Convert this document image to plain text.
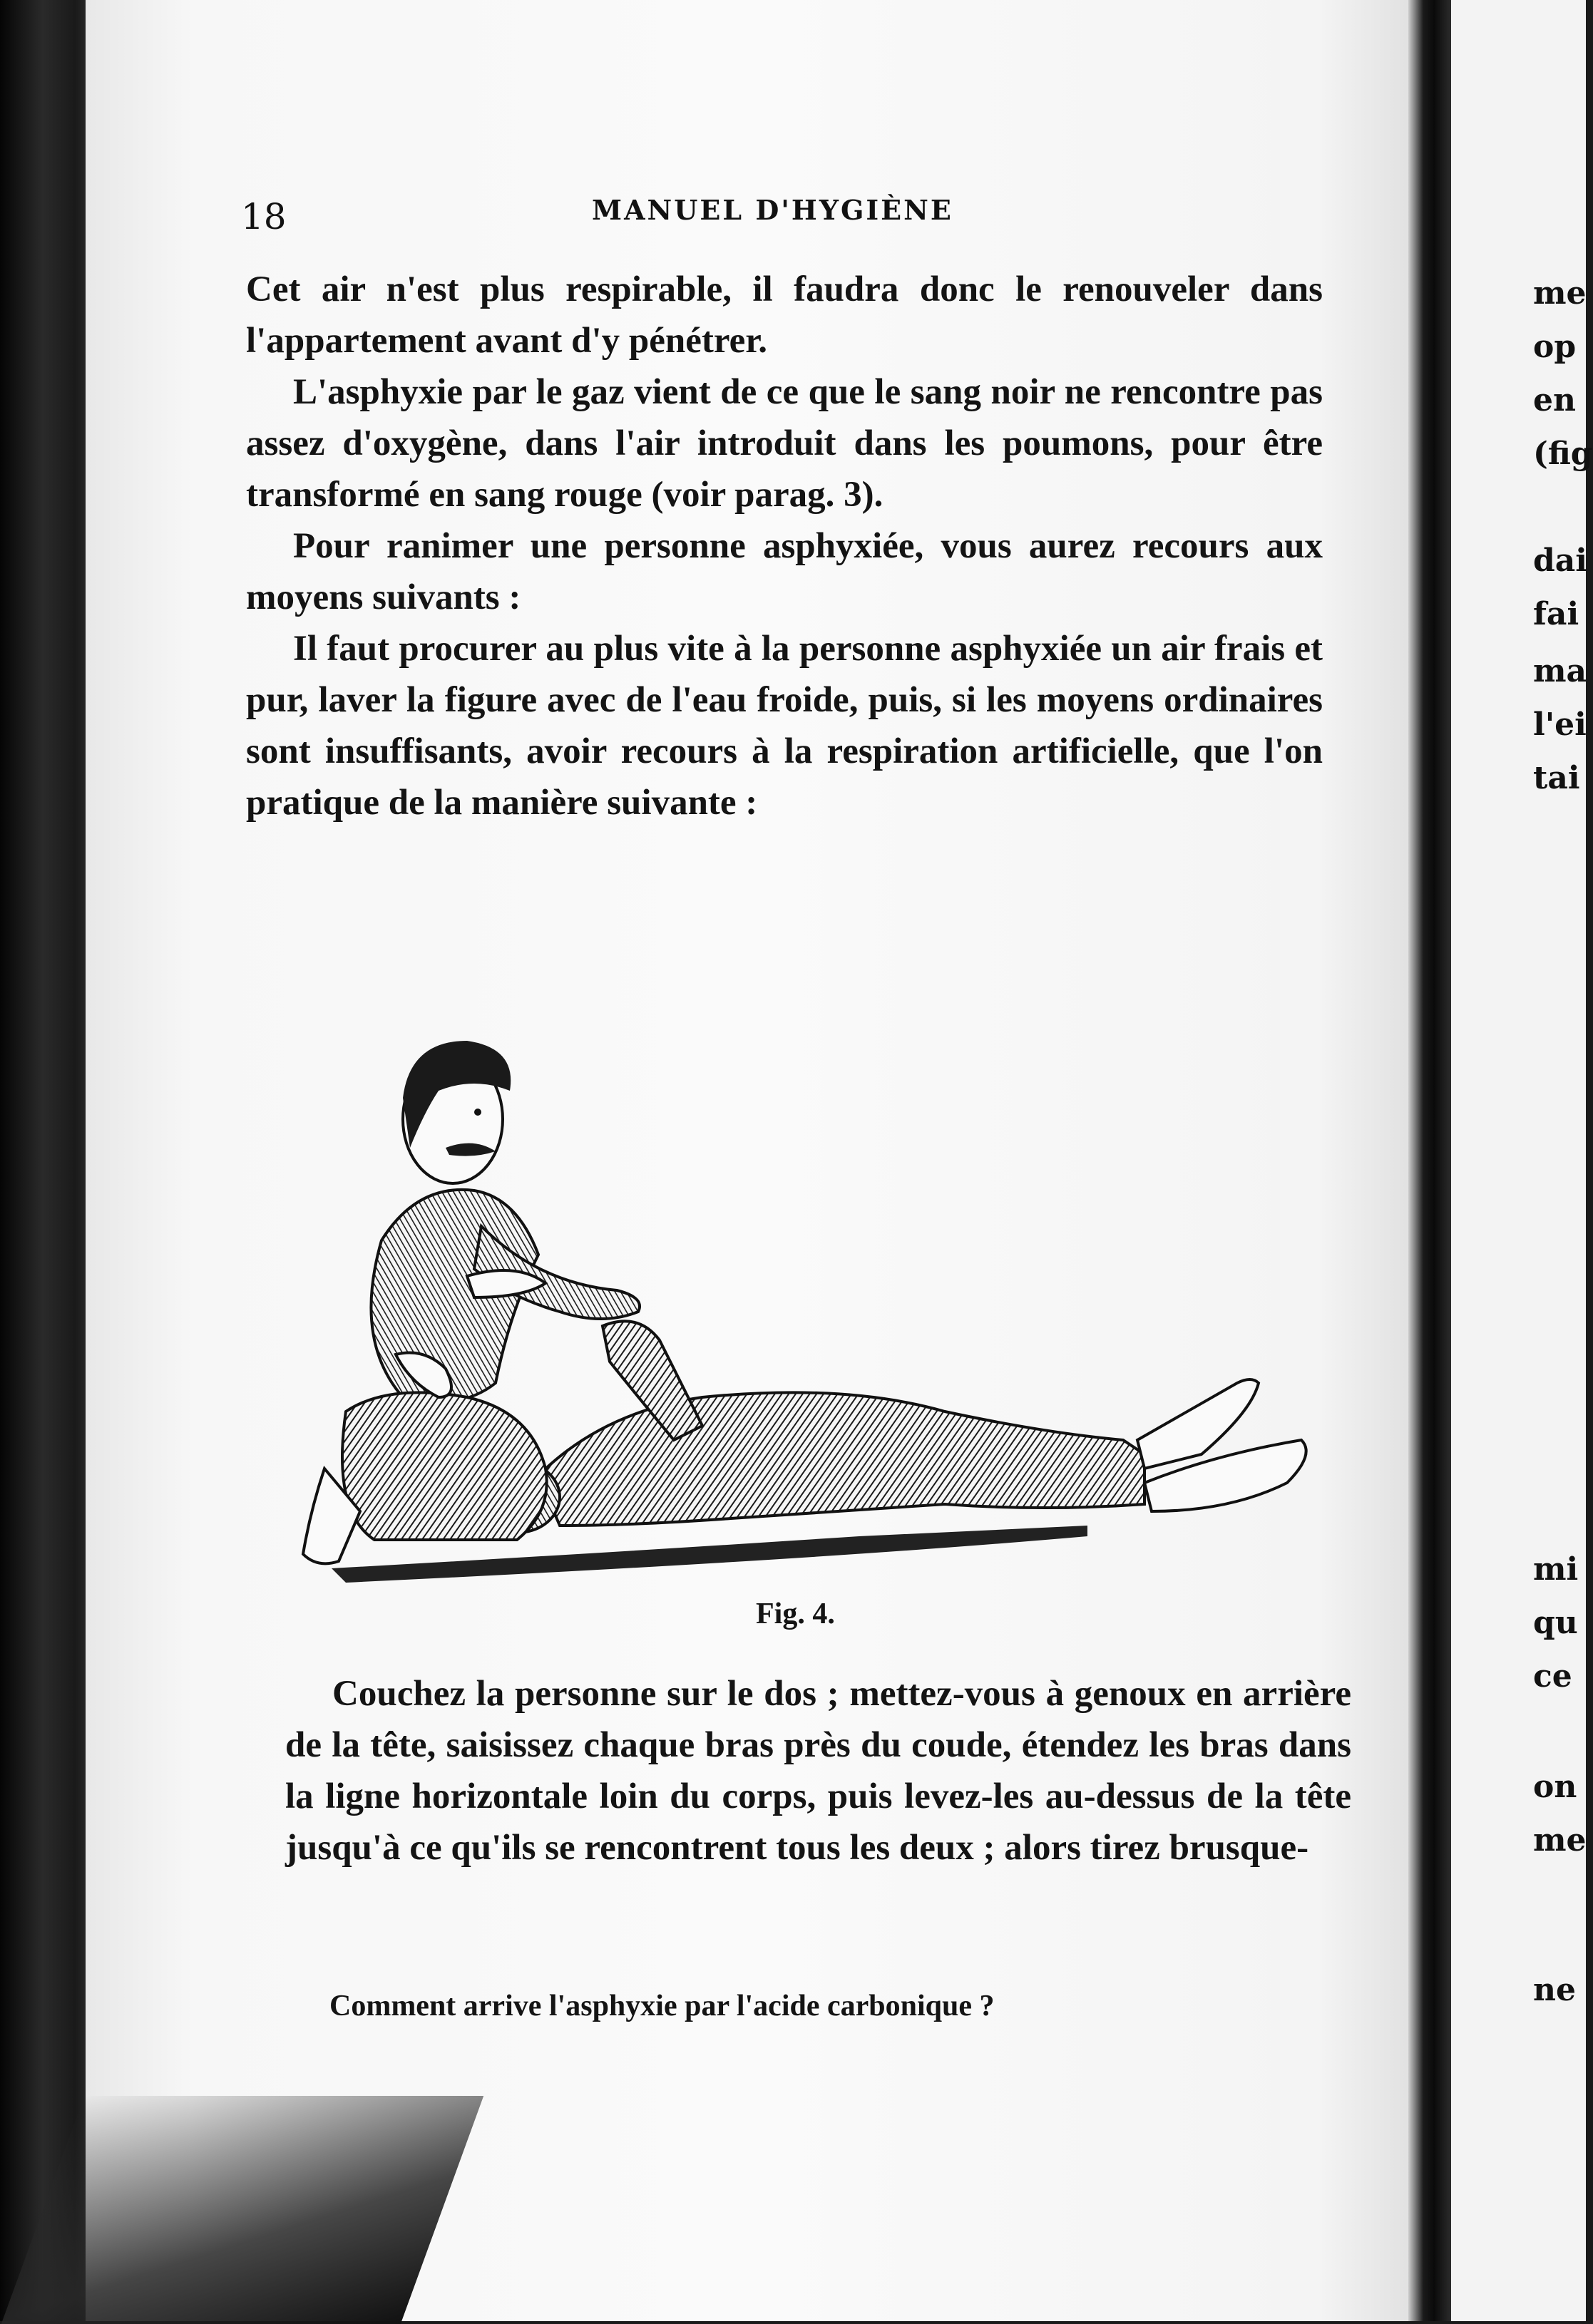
18	MANUEL D'HYGIÈNE

Cet air n'est plus respirable, il faudra donc le renouveler dans l'appartement avant d'y pénétrer.

L'asphyxie par le gaz vient de ce que le sang noir ne rencontre pas assez d'oxygène, dans l'air introduit dans les poumons, pour être transformé en sang rouge (voir parag. 3).

Pour ranimer une personne asphyxiée, vous aurez recours aux moyens suivants :

Il faut procurer au plus vite à la personne asphyxiée un air frais et pur, laver la figure avec de l'eau froide, puis, si les moyens ordinaires sont insuffisants, avoir recours à la respiration artificielle, que l'on pratique de la manière suivante :

Fig. 4.

Couchez la personne sur le dos ; mettez-vous à genoux en arrière de la tête, saisissez chaque bras près du coude, étendez les bras dans la ligne horizontale loin du corps, puis levez-les au-dessus de la tête jusqu'à ce qu'ils se rencontrent tous les deux ; alors tirez brusque-

Comment arrive l'asphyxie par l'acide carbonique ?
me
op
en
(fig
dai
fai
ma
l'ei
tai
mi
qu
ce
on
me
ne
